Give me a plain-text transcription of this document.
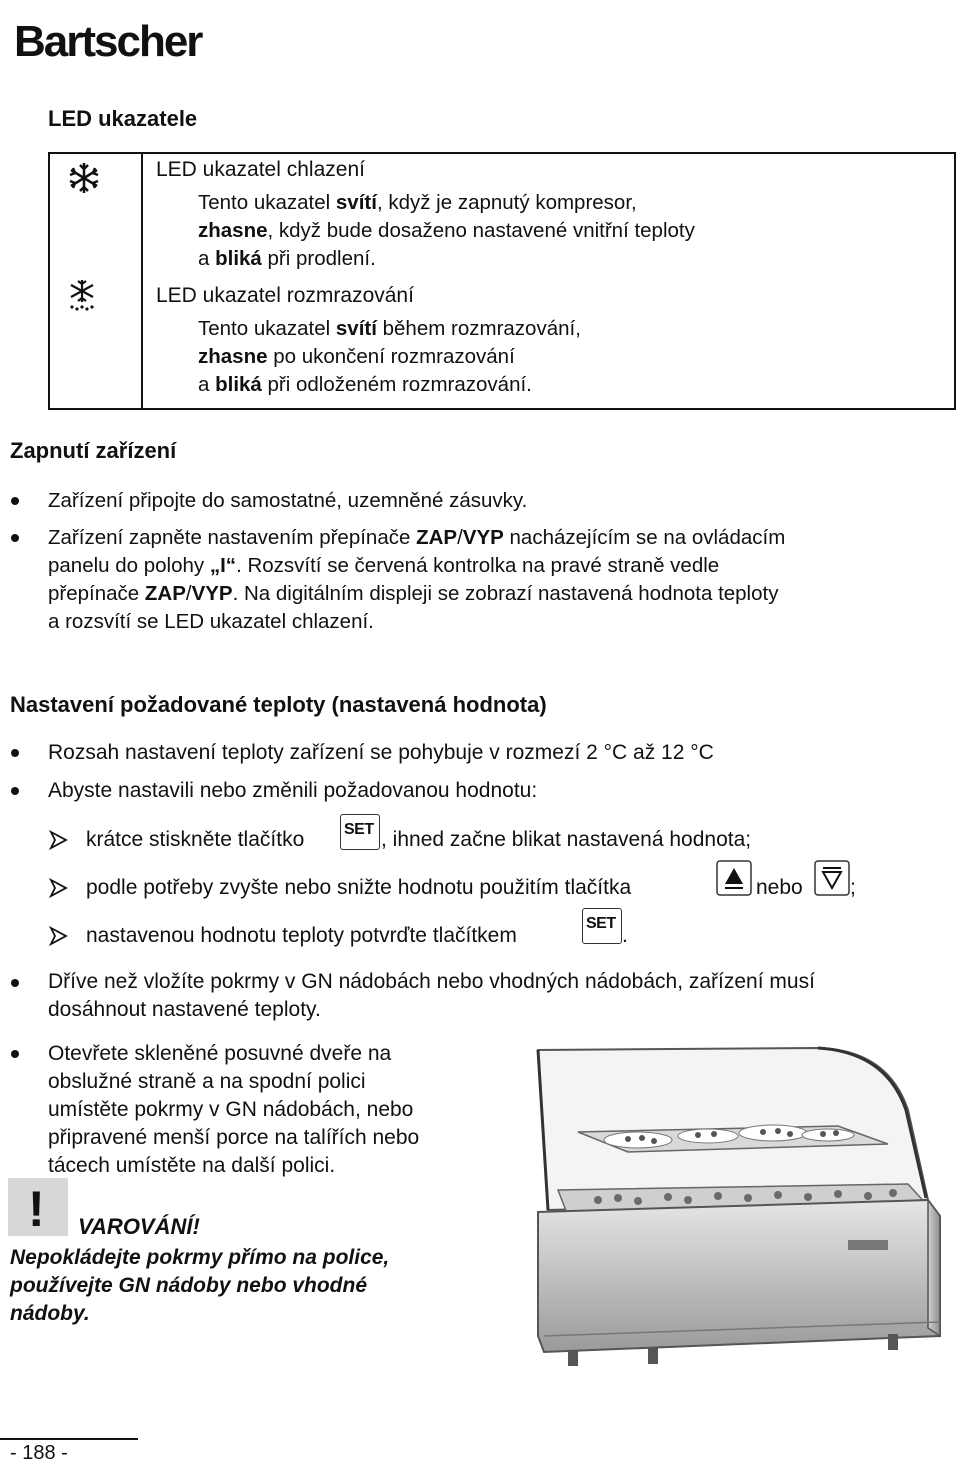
Bartscher
LED ukazatele
LED ukazatel chlazení
Tento ukazatel svítí, když je zapnutý kompresor,
zhasne, když bude dosaženo nastavené vnitřní teploty
a bliká při prodlení.
LED ukazatel rozmrazování
Tento ukazatel svítí během rozmrazování,
zhasne po ukončení rozmrazování
a bliká při odloženém rozmrazování.
Zapnutí zařízení
Zařízení připojte do samostatné, uzemněné zásuvky.
Zařízení zapněte nastavením přepínače ZAP/VYP nacházejícím se na ovládacím
panelu do polohy „I“. Rozsvítí se červená kontrolka na pravé straně vedle
přepínače ZAP/VYP. Na digitálním displeji se zobrazí nastavená hodnota teploty
a rozsvítí se LED ukazatel chlazení.
Nastavení požadované teploty (nastavená hodnota)
Rozsah nastavení teploty zařízení se pohybuje v rozmezí 2 °C až 12 °C
Abyste nastavili nebo změnili požadovanou hodnotu:
krátce stiskněte tlačítko SET , ihned začne blikat nastavená hodnota;
podle potřeby zvyšte nebo snižte hodnotu použitím tlačítka	nebo ;
nastavenou hodnotu teploty potvrďte tlačítkem
SET
.
Dříve než vložíte pokrmy v GN nádobách nebo vhodných nádobách, zařízení musí
dosáhnout nastavené teploty.
Otevřete skleněné posuvné dveře na
obslužné straně a na spodní polici
umístěte pokrmy v GN nádobách, nebo
připravené menší porce na talířích nebo
tácech umístěte na další polici.
! VAROVÁNÍ!
Nepokládejte pokrmy přímo na police,
používejte GN nádoby nebo vhodné
nádoby.
- 188 -
